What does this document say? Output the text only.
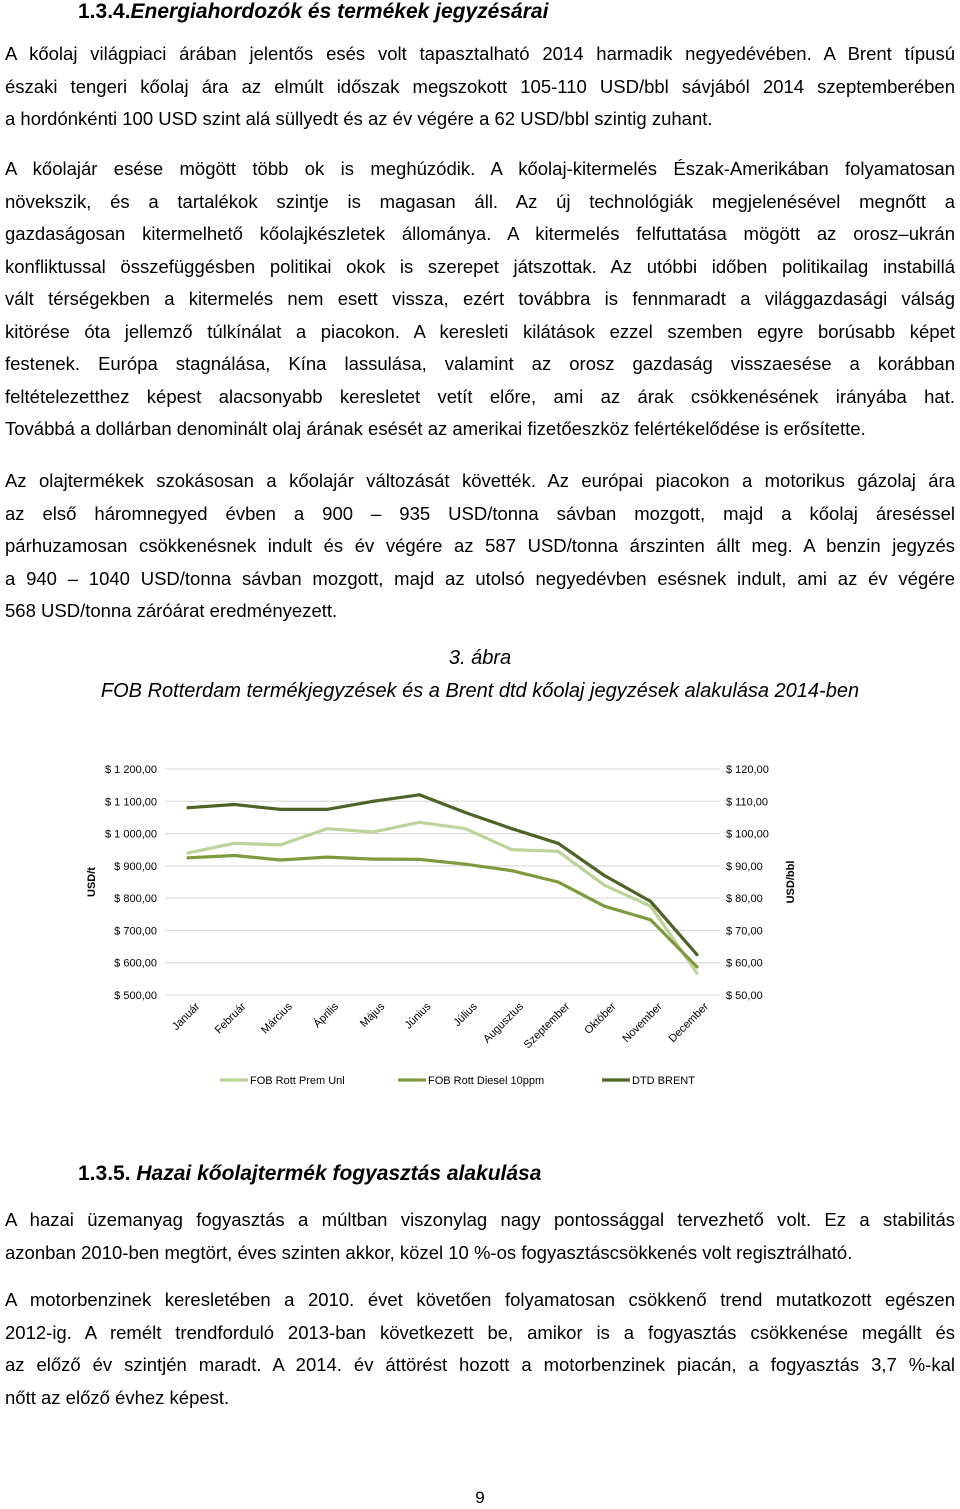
1.3.4.Energiahordozók és termékek jegyzésárai
A kőolaj világpiaci árában jelentős esés volt tapasztalható 2014 harmadik negyedévében. A Brent típusú
északi tengeri kőolaj ára az elmúlt időszak megszokott 105-110 USD/bbl sávjából 2014 szeptemberében
a hordónkénti 100 USD szint alá süllyedt és az év végére a 62 USD/bbl szintig zuhant.
A kőolajár esése mögött több ok is meghúzódik. A kőolaj-kitermelés Észak-Amerikában folyamatosan
növekszik, és a tartalékok szintje is magasan áll. Az új technológiák megjelenésével megnőtt a
gazdaságosan kitermelhető kőolajkészletek állománya. A kitermelés felfuttatása mögött az orosz–ukrán
konfliktussal összefüggésben politikai okok is szerepet játszottak. Az utóbbi időben politikailag instabillá
vált térségekben a kitermelés nem esett vissza, ezért továbbra is fennmaradt a világgazdasági válság
kitörése óta jellemző túlkínálat a piacokon. A keresleti kilátások ezzel szemben egyre borúsabb képet
festenek. Európa stagnálása, Kína lassulása, valamint az orosz gazdaság visszaesése a korábban
feltételezetthez képest alacsonyabb keresletet vetít előre, ami az árak csökkenésének irányába hat.
Továbbá a dollárban denominált olaj árának esését az amerikai fizetőeszköz felértékelődése is erősítette.
Az olajtermékek szokásosan a kőolajár változását követték. Az európai piacokon a motorikus gázolaj ára
az első háromnegyed évben a 900 – 935 USD/tonna sávban mozgott, majd a kőolaj áreséssel
párhuzamosan csökkenésnek indult és év végére az 587 USD/tonna árszinten állt meg. A benzin jegyzés
a 940 – 1040 USD/tonna sávban mozgott, majd az utolsó negyedévben esésnek indult, ami az év végére
568 USD/tonna záróárat eredményezett.
3. ábra
FOB Rotterdam termékjegyzések és a Brent dtd kőolaj jegyzések alakulása 2014-ben
$ 500,00	$ 50,00
$ 600,00	$ 60,00
$ 700,00	$ 70,00
$ 800,00	$ 80,00
$ 900,00	$ 90,00
$ 1 000,00	$ 100,00
$ 1 100,00	$ 110,00
$ 1 200,00	$ 120,00
USD/t	USD/bbl
Január Február Március Április Május Június Július Augusztus
Szeptember Október November December
FOB Rott Prem Unl	FOB Rott Diesel 10ppm	DTD BRENT
1.3.5. Hazai kőolajtermék fogyasztás alakulása
A hazai üzemanyag fogyasztás a múltban viszonylag nagy pontossággal tervezhető volt. Ez a stabilitás
azonban 2010-ben megtört, éves szinten akkor, közel 10 %-os fogyasztáscsökkenés volt regisztrálható.
A motorbenzinek keresletében a 2010. évet követően folyamatosan csökkenő trend mutatkozott egészen
2012-ig. A remélt trendforduló 2013-ban következett be, amikor is a fogyasztás csökkenése megállt és
az előző év szintjén maradt. A 2014. év áttörést hozott a motorbenzinek piacán, a fogyasztás 3,7 %-kal
nőtt az előző évhez képest.
9
